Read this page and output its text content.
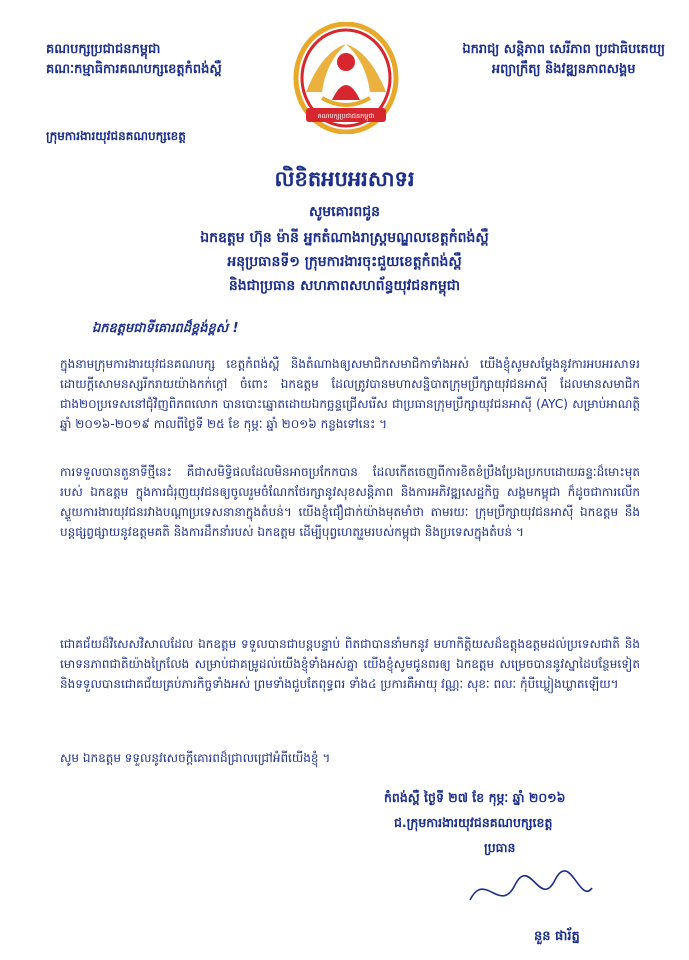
គណបក្សប្រជាជនកម្ពុជា
គណៈកម្មាធិការគណបក្សខេត្តកំពង់ស្ពឺ
ឯករាជ្យ សន្តិភាព សេរីភាព ប្រជាធិបតេយ្យ
អព្យាក្រឹត្យ និងវឌ្ឍនភាពសង្គម
គណបក្សប្រជាជនកម្ពុជា
ក្រុមការងារយុវជនគណបក្សខេត្ត
លិខិតអបអរសាទរ
សូមគោរពជូន
ឯកឧត្តម ហ៊ុន ម៉ានី អ្នកតំណាងរាស្ត្រមណ្ឌលខេត្តកំពង់ស្ពឺ
អនុប្រធានទី១ ក្រុមការងារចុះជួយខេត្តកំពង់ស្ពឺ
និងជាប្រធាន សហភាពសហព័ន្ធយុវជនកម្ពុជា
ឯកឧត្តមជាទីគោរពដ៏ខ្ពង់ខ្ពស់ !
ក្នុងនាមក្រុមការងារយុវជនគណបក្ស ខេត្តកំពង់ស្ពឺ និងតំណាងឲ្យសមាជិកសមាជិកាទាំងអស់ យើងខ្ញុំសូមសម្តែងនូវការអបអរសាទរដោយក្តីសោមនស្សរីករាយយ៉ាងកក់ក្តៅ ចំពោះ ឯកឧត្តម ដែលត្រូវបានមហាសន្និបាតក្រុមប្រឹក្សាយុវជនអាស៊ី ដែលមានសមាជិកជាង២០ប្រទេសនៅជុំវិញពិភពលោក បានបោះឆ្នោតដោយឯកច្ឆន្ទជ្រើសរើស ជាប្រធានក្រុមប្រឹក្សាយុវជនអាស៊ី (AYC) សម្រាប់អាណត្តិឆ្នាំ ២០១៦-២០១៩ កាលពីថ្ងៃទី ២៥ ខែ កុម្ភៈ ឆ្នាំ ២០១៦ កន្លងទៅនេះ ។
ការទទួលបានតួនាទីថ្មីនេះ គឺជាសមិទ្ធិផលដែលមិនអាចប្រកែកបាន ដែលកើតចេញពីការខិតខំប្រឹងប្រែងប្រកបដោយឆន្ទៈដ៏មោះមុតរបស់ ឯកឧត្តម ក្នុងការជំរុញយុវជនឲ្យចូលរួមចំណែកថែរក្សានូវសុខសន្តិភាព និងការអភិវឌ្ឍសេដ្ឋកិច្ច សង្គមកម្ពុជា ក៏ដូចជាការលើកស្ទួយការងារយុវជនរវាងបណ្តាប្រទេសនានាក្នុងតំបន់។ យើងខ្ញុំជឿជាក់យ៉ាងមុតមាំថា តាមរយៈ ក្រុមប្រឹក្សាយុវជនអាស៊ី ឯកឧត្តម នឹងបន្តផ្សព្វផ្សាយនូវឧត្តមគតិ និងការដឹកនាំរបស់ ឯកឧត្តម ដើម្បីបុព្វហេតុរួមរបស់កម្ពុជា និងប្រទេសក្នុងតំបន់ ។
ជោគជ័យដ៏វិសេសវិសាលដែល ឯកឧត្តម ទទួលបានជាបន្តបន្ទាប់ ពិតជាបាននាំមកនូវ មហាកិត្តិយសដ៏ឧត្តុងឧត្តមដល់ប្រទេសជាតិ និងមោទនភាពជាតិយ៉ាងក្រៃលែង សម្រាប់ជាគម្រូដល់យើងខ្ញុំទាំងអស់គ្នា យើងខ្ញុំសូមជូនពរឲ្យ ឯកឧត្តម សម្រេចបាននូវស្នាដៃបន្ថែមទៀត និងទទួលបានជោគជ័យគ្រប់ភារកិច្ចទាំងអស់ ព្រមទាំងជួបតែពុទ្ធពរ ទាំង៤ ប្រការគឺអាយុ វណ្ណៈ សុខៈ ពលៈ កុំបីឃ្លៀងឃ្លាតឡើយ។
សូម ឯកឧត្តម ទទួលនូវសេចក្តីគោរពដ៏ជ្រាលជ្រៅអំពីយើងខ្ញុំ ។
កំពង់ស្ពឺ ថ្ងៃទី ២៧ ខែ កុម្ភៈ ឆ្នាំ ២០១៦
ជ.ក្រុមការងារយុវជនគណបក្សខេត្ត
ប្រធាន
នួន ផារ័ត្ន
